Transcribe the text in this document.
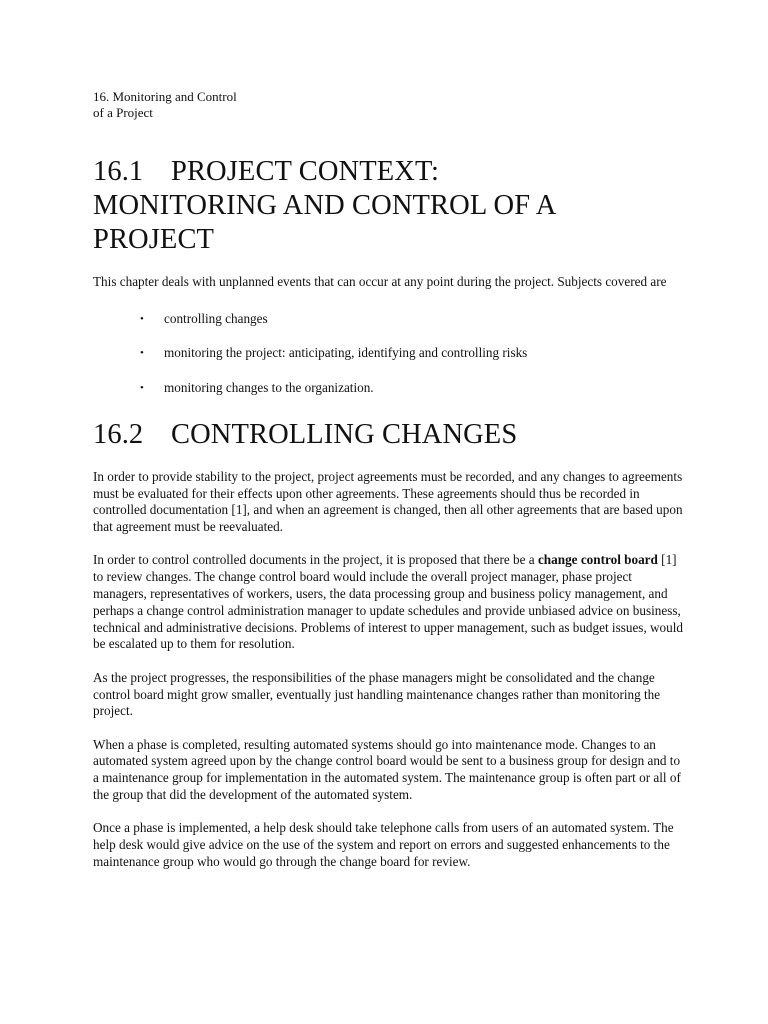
16. Monitoring and Control
of a Project
16.1 PROJECT CONTEXT:
MONITORING AND CONTROL OF A
PROJECT

This chapter deals with unplanned events that can occur at any point during the project. Subjects covered are

• controlling changes
• monitoring the project: anticipating, identifying and controlling risks
• monitoring changes to the organization.
16.2 CONTROLLING CHANGES

In order to provide stability to the project, project agreements must be recorded, and any changes to agreements must be evaluated for their effects upon other agreements. These agreements should thus be recorded in controlled documentation [1], and when an agreement is changed, then all other agreements that are based upon that agreement must be reevaluated.

In order to control controlled documents in the project, it is proposed that there be a change control board [1] to review changes. The change control board would include the overall project manager, phase project managers, representatives of workers, users, the data processing group and business policy management, and perhaps a change control administration manager to update schedules and provide unbiased advice on business, technical and administrative decisions. Problems of interest to upper management, such as budget issues, would be escalated up to them for resolution.

As the project progresses, the responsibilities of the phase managers might be consolidated and the change control board might grow smaller, eventually just handling maintenance changes rather than monitoring the project.

When a phase is completed, resulting automated systems should go into maintenance mode. Changes to an automated system agreed upon by the change control board would be sent to a business group for design and to a maintenance group for implementation in the automated system. The maintenance group is often part or all of the group that did the development of the automated system.

Once a phase is implemented, a help desk should take telephone calls from users of an automated system. The help desk would give advice on the use of the system and report on errors and suggested enhancements to the maintenance group who would go through the change board for review.
